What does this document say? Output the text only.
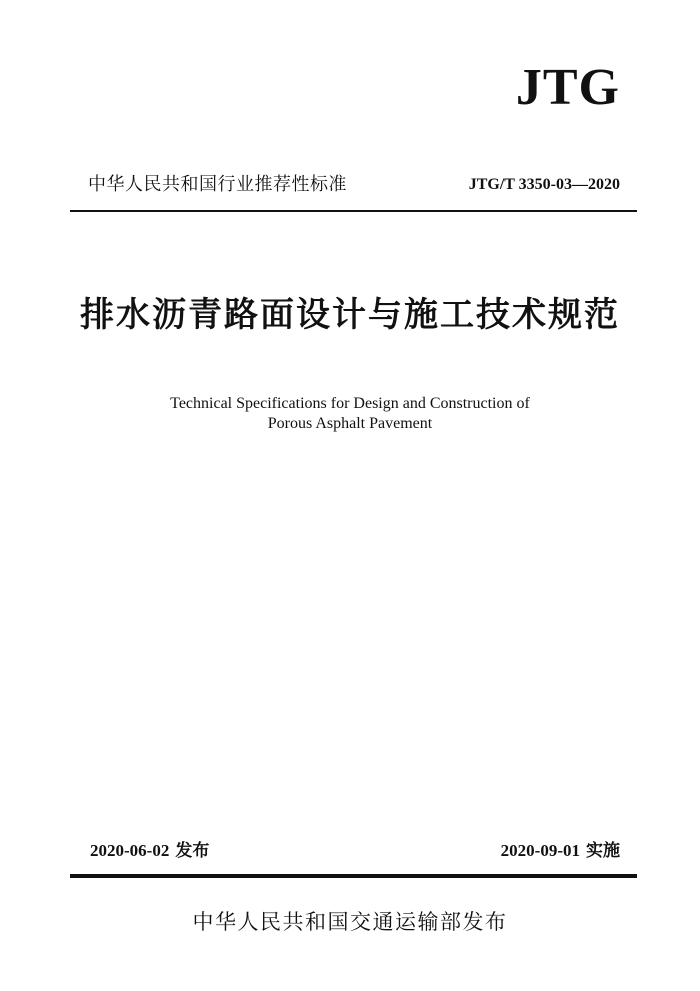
JTG
中华人民共和国行业推荐性标准	JTG/T 3350-03—2020
排水沥青路面设计与施工技术规范
Technical Specifications for Design and Construction of
Porous Asphalt Pavement
2020-06-02 发布	2020-09-01 实施
中华人民共和国交通运输部发布
